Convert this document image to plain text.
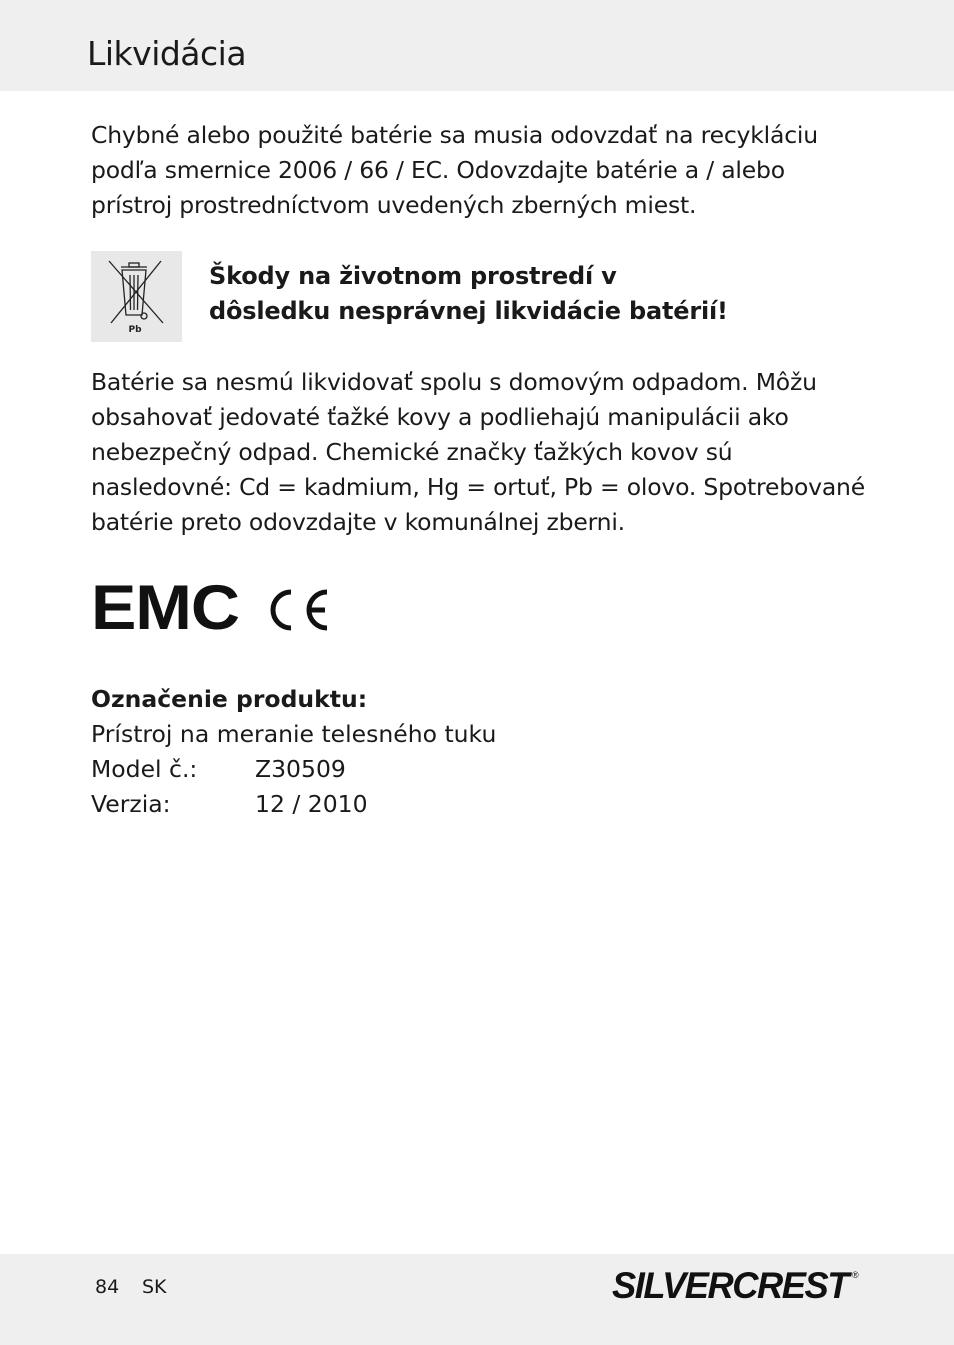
Likvidácia

Chybné alebo použité batérie sa musia odovzdať na recykláciu podľa smernice 2006 / 66 / EC. Odovzdajte batérie a / alebo prístroj prostredníctvom uvedených zberných miest.

Pb
Škody na životnom prostredí v
dôsledku nesprávnej likvidácie batérií!

Batérie sa nesmú likvidovať spolu s domovým odpadom. Môžu obsahovať jedovaté ťažké kovy a podliehajú manipulácii ako nebezpečný odpad. Chemické značky ťažkých kovov sú nasledovné: Cd = kadmium, Hg = ortuť, Pb = olovo. Spotrebované batérie preto odovzdajte v komunálnej zberni.

EMC

Označenie produktu:

Prístroj na meranie telesného tuku

Model č.:	Z30509
Verzia:	12 / 2010
84 SK	SILVERCREST ®
